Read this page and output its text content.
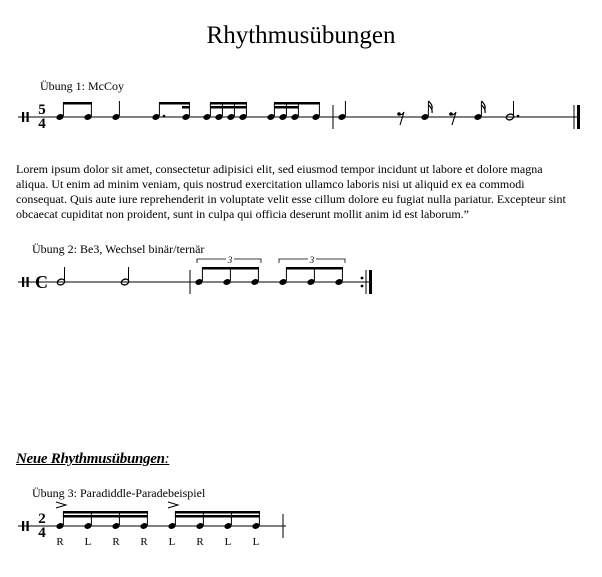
Rhythmusübungen
Übung 1: McCoy
5
4
Lorem ipsum dolor sit amet, consectetur adipisici elit, sed eiusmod tempor incidunt ut labore et dolore magna aliqua. Ut enim ad minim veniam, quis nostrud exercitation ullamco laboris nisi ut aliquid ex ea commodi consequat. Quis aute iure reprehenderit in voluptate velit esse cillum dolore eu fugiat nulla pariatur. Excepteur sint obcaecat cupiditat non proident, sunt in culpa qui officia deserunt mollit anim id est laborum.”
Übung 2: Be3, Wechsel binär/ternär
C
3	3
Neue Rhythmusübungen:
Übung 3: Paradiddle-Paradebeispiel
2
4
R L R R L R L L
